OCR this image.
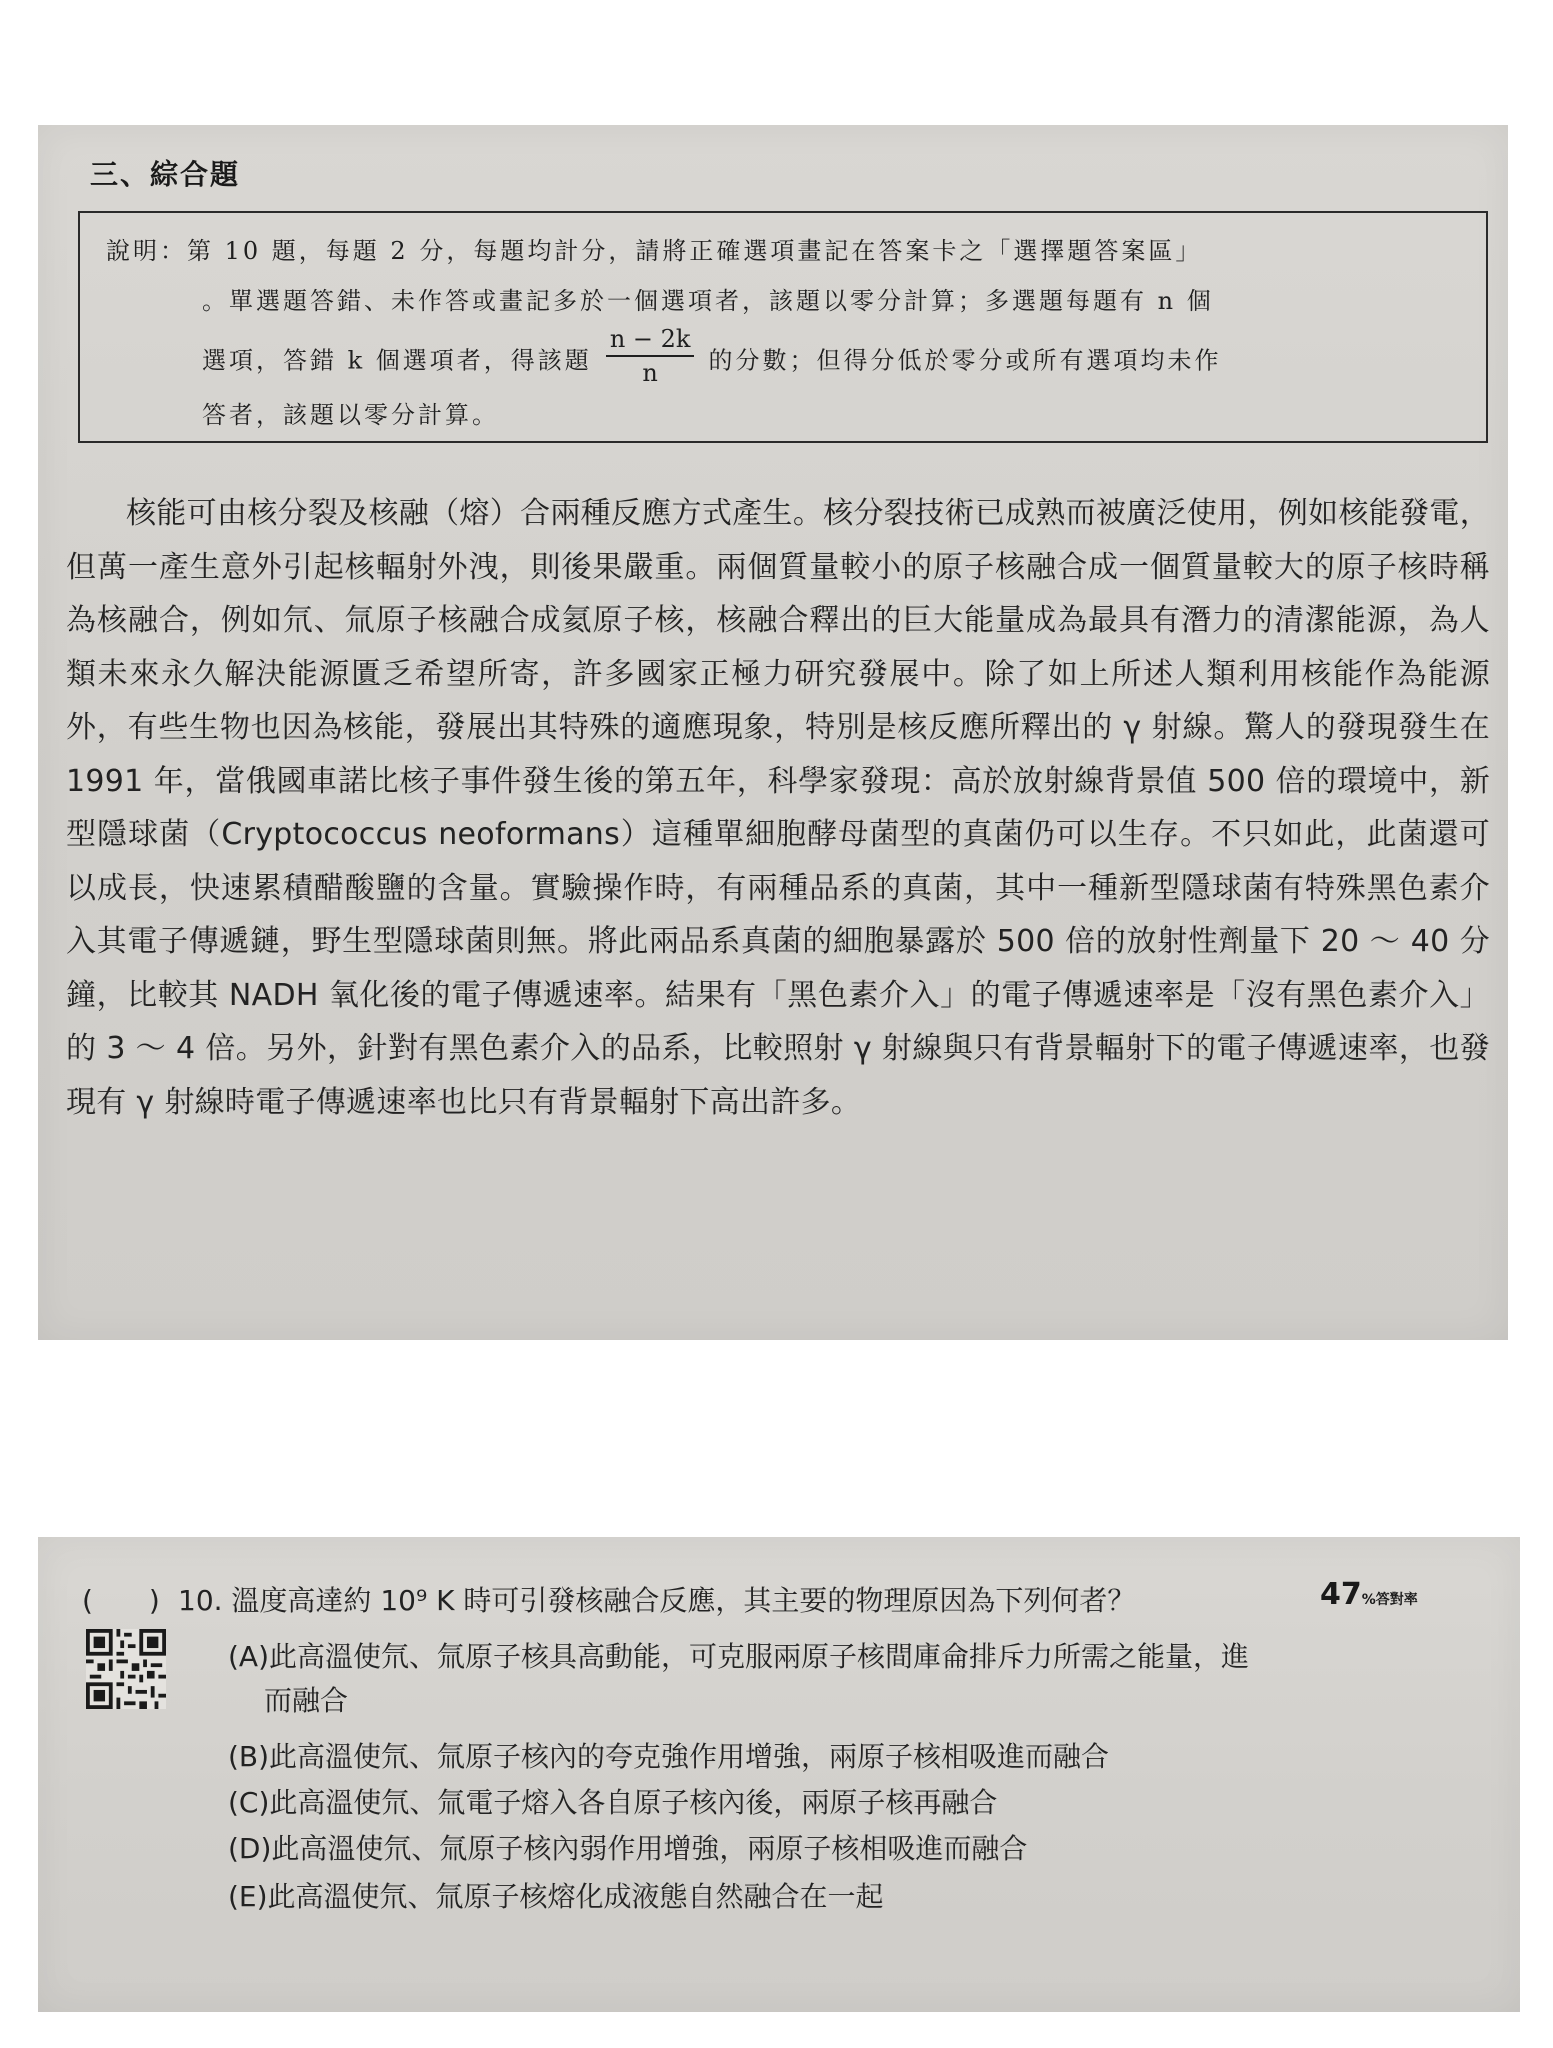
三、綜合題
說明：第 10 題，每題 2 分，每題均計分，請將正確選項畫記在答案卡之「選擇題答案區」
。單選題答錯、未作答或畫記多於一個選項者，該題以零分計算；多選題每題有 n 個
選項，答錯 k 個選項者，得該題 $\frac{n - 2k}{n}$ 的分數；但得分低於零分或所有選項均未作
答者，該題以零分計算。

核能可由核分裂及核融（熔）合兩種反應方式產生。核分裂技術已成熟而被廣泛使用，例如核能發電，但萬一產生意外引起核輻射外洩，則後果嚴重。兩個質量較小的原子核融合成一個質量較大的原子核時稱為核融合，例如氘、氚原子核融合成氦原子核，核融合釋出的巨大能量成為最具有潛力的清潔能源，為人類未來永久解決能源匱乏希望所寄，許多國家正極力研究發展中。除了如上所述人類利用核能作為能源外，有些生物也因為核能，發展出其特殊的適應現象，特別是核反應所釋出的 γ 射線。驚人的發現發生在 1991 年，當俄國車諾比核子事件發生後的第五年，科學家發現：高於放射線背景值 500 倍的環境中，新型隱球菌（Cryptococcus neoformans）這種單細胞酵母菌型的真菌仍可以生存。不只如此，此菌還可以成長，快速累積醋酸鹽的含量。實驗操作時，有兩種品系的真菌，其中一種新型隱球菌有特殊黑色素介入其電子傳遞鏈，野生型隱球菌則無。將此兩品系真菌的細胞暴露於 500 倍的放射性劑量下 20 ～ 40 分鐘，比較其 NADH 氧化後的電子傳遞速率。結果有「黑色素介入」的電子傳遞速率是「沒有黑色素介入」的 3 ～ 4 倍。另外，針對有黑色素介入的品系，比較照射 γ 射線與只有背景輻射下的電子傳遞速率，也發現有 γ 射線時電子傳遞速率也比只有背景輻射下高出許多。

(　　) 10. 溫度高達約 10⁹ K 時可引發核融合反應，其主要的物理原因為下列何者？	47%答對率
(A)此高溫使氘、氚原子核具高動能，可克服兩原子核間庫侖排斥力所需之能量，進
而融合
(B)此高溫使氘、氚原子核內的夸克強作用增強，兩原子核相吸進而融合
(C)此高溫使氘、氚電子熔入各自原子核內後，兩原子核再融合
(D)此高溫使氘、氚原子核內弱作用增強，兩原子核相吸進而融合
(E)此高溫使氘、氚原子核熔化成液態自然融合在一起
